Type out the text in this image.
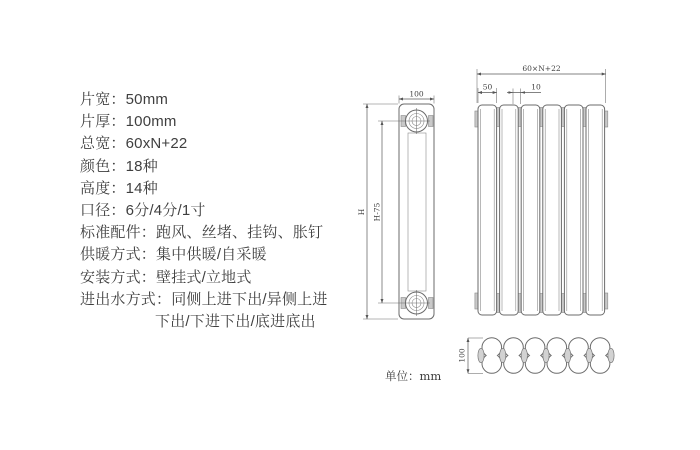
片宽：50mm
片厚：100mm
总宽：60xN+22
颜色：18种
高度：14种
口径：6分/4分/1寸
标准配件：跑风、丝堵、挂钩、胀钉
供暖方式：集中供暖/自采暖
安装方式：壁挂式/立地式
进出水方式：同侧上进下出/异侧上进
下出/下进下出/底进底出
100
H H-75
60×N+22
50	10
100
单位：mm
